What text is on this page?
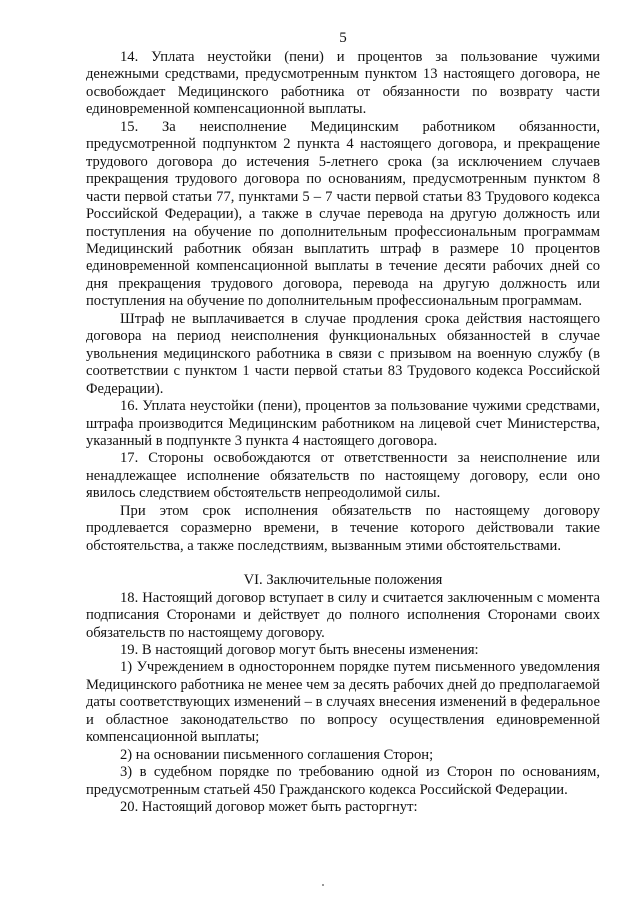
5

14. Уплата неустойки (пени) и процентов за пользование чужими денежными средствами, предусмотренным пунктом 13 настоящего договора, не освобождает Медицинского работника от обязанности по возврату части единовременной компенсационной выплаты.

15. За неисполнение Медицинским работником обязанности, предусмотренной подпунктом 2 пункта 4 настоящего договора, и прекращение трудового договора до истечения 5-летнего срока (за исключением случаев прекращения трудового договора по основаниям, предусмотренным пунктом 8 части первой статьи 77, пунктами 5 – 7 части первой статьи 83 Трудового кодекса Российской Федерации), а также в случае перевода на другую должность или поступления на обучение по дополнительным профессиональным программам Медицинский работник обязан выплатить штраф в размере 10 процентов единовременной компенсационной выплаты в течение десяти рабочих дней со дня прекращения трудового договора, перевода на другую должность или поступления на обучение по дополнительным профессиональным программам.

Штраф не выплачивается в случае продления срока действия настоящего договора на период неисполнения функциональных обязанностей в случае увольнения медицинского работника в связи с призывом на военную службу (в соответствии с пунктом 1 части первой статьи 83 Трудового кодекса Российской Федерации).

16. Уплата неустойки (пени), процентов за пользование чужими средствами, штрафа производится Медицинским работником на лицевой счет Министерства, указанный в подпункте 3 пункта 4 настоящего договора.

17. Стороны освобождаются от ответственности за неисполнение или ненадлежащее исполнение обязательств по настоящему договору, если оно явилось следствием обстоятельств непреодолимой силы.

При этом срок исполнения обязательств по настоящему договору продлевается соразмерно времени, в течение которого действовали такие обстоятельства, а также последствиям, вызванным этими обстоятельствами.

VI. Заключительные положения

18. Настоящий договор вступает в силу и считается заключенным с момента подписания Сторонами и действует до полного исполнения Сторонами своих обязательств по настоящему договору.

19. В настоящий договор могут быть внесены изменения:

1) Учреждением в одностороннем порядке путем письменного уведомления Медицинского работника не менее чем за десять рабочих дней до предполагаемой даты соответствующих изменений – в случаях внесения изменений в федеральное и областное законодательство по вопросу осуществления единовременной компенсационной выплаты;

2) на основании письменного соглашения Сторон;

3) в судебном порядке по требованию одной из Сторон по основаниям, предусмотренным статьей 450 Гражданского кодекса Российской Федерации.

20. Настоящий договор может быть расторгнут:
